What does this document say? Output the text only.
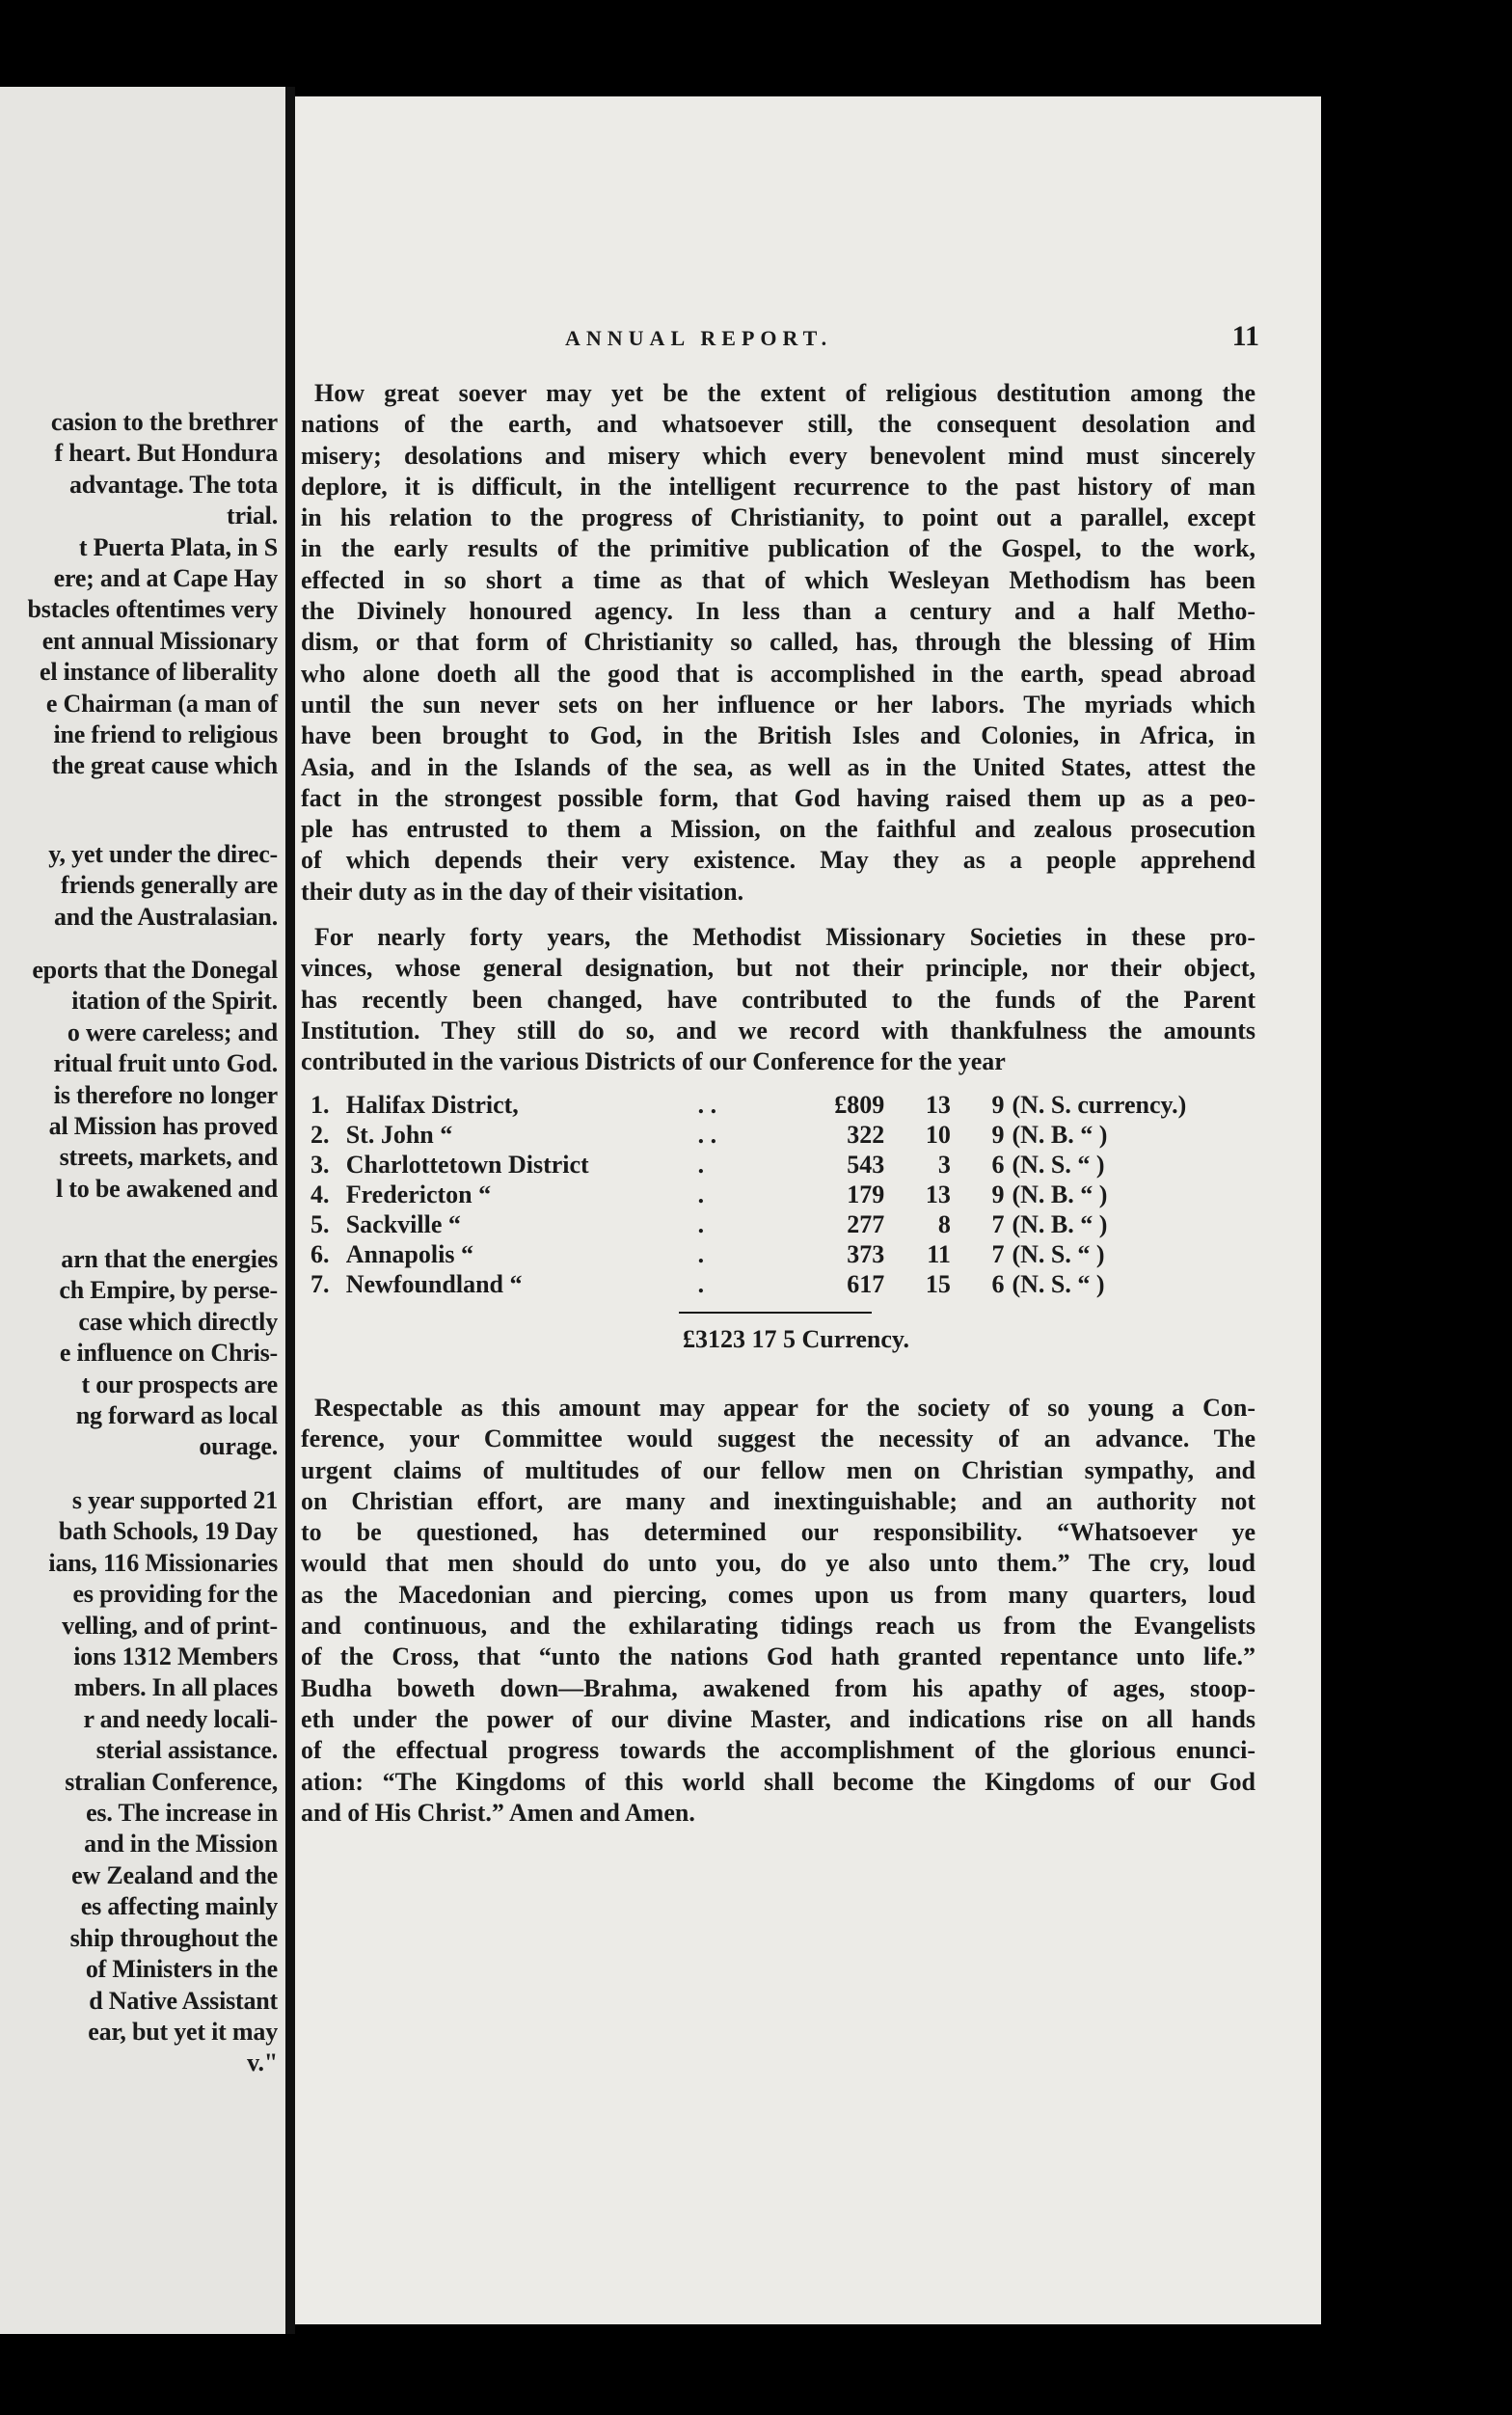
casion to the brethrer
f heart. But Hondura
advantage. The tota
trial.
t Puerta Plata, in S
ere; and at Cape Hay
bstacles oftentimes very
ent annual Missionary
el instance of liberality
e Chairman (a man of
ine friend to religious
the great cause which
y, yet under the direc-
friends generally are
and the Australasian.
eports that the Donegal
itation of the Spirit.
o were careless; and
ritual fruit unto God.
is therefore no longer
al Mission has proved
streets, markets, and
l to be awakened and
arn that the energies
ch Empire, by perse-
case which directly
e influence on Chris-
t our prospects are
ng forward as local
ourage.
s year supported 21
bath Schools, 19 Day
ians, 116 Missionaries
es providing for the
velling, and of print-
ions 1312 Members
mbers. In all places
r and needy locali-
sterial assistance.
stralian Conference,
es. The increase in
and in the Mission
ew Zealand and the
es affecting mainly
ship throughout the
of Ministers in the
d Native Assistant
ear, but yet it may
v."
ANNUAL REPORT.	11
How great soever may yet be the extent of religious destitution among the
nations of the earth, and whatsoever still, the consequent desolation and
misery; desolations and misery which every benevolent mind must sincerely
deplore, it is difficult, in the intelligent recurrence to the past history of man
in his relation to the progress of Christianity, to point out a parallel, except
in the early results of the primitive publication of the Gospel, to the work,
effected in so short a time as that of which Wesleyan Methodism has been
the Divinely honoured agency. In less than a century and a half Metho-
dism, or that form of Christianity so called, has, through the blessing of Him
who alone doeth all the good that is accomplished in the earth, spead abroad
until the sun never sets on her influence or her labors. The myriads which
have been brought to God, in the British Isles and Colonies, in Africa, in
Asia, and in the Islands of the sea, as well as in the United States, attest the
fact in the strongest possible form, that God having raised them up as a peo-
ple has entrusted to them a Mission, on the faithful and zealous prosecution
of which depends their very existence. May they as a people apprehend
their duty as in the day of their visitation.
For nearly forty years, the Methodist Missionary Societies in these pro-
vinces, whose general designation, but not their principle, nor their object,
has recently been changed, have contributed to the funds of the Parent
Institution. They still do so, and we record with thankfulness the amounts
contributed in the various Districts of our Conference for the year
1.	Halifax District,	. .	£809	13	9	(N. S. currency.)
2.	St. John “	. .	322	10	9	(N. B. “ )
3.	Charlottetown District	.	543	3	6	(N. S. “ )
4.	Fredericton “	.	179	13	9	(N. B. “ )
5.	Sackville “	.	277	8	7	(N. B. “ )
6.	Annapolis “	.	373	11	7	(N. S. “ )
7.	Newfoundland “	.	617	15	6	(N. S. “ )
£3123 17 5 Currency.
Respectable as this amount may appear for the society of so young a Con-
ference, your Committee would suggest the necessity of an advance. The
urgent claims of multitudes of our fellow men on Christian sympathy, and
on Christian effort, are many and inextinguishable; and an authority not
to be questioned, has determined our responsibility. “Whatsoever ye
would that men should do unto you, do ye also unto them.” The cry, loud
as the Macedonian and piercing, comes upon us from many quarters, loud
and continuous, and the exhilarating tidings reach us from the Evangelists
of the Cross, that “unto the nations God hath granted repentance unto life.”
Budha boweth down—Brahma, awakened from his apathy of ages, stoop-
eth under the power of our divine Master, and indications rise on all hands
of the effectual progress towards the accomplishment of the glorious enunci-
ation: “The Kingdoms of this world shall become the Kingdoms of our God
and of His Christ.” Amen and Amen.
